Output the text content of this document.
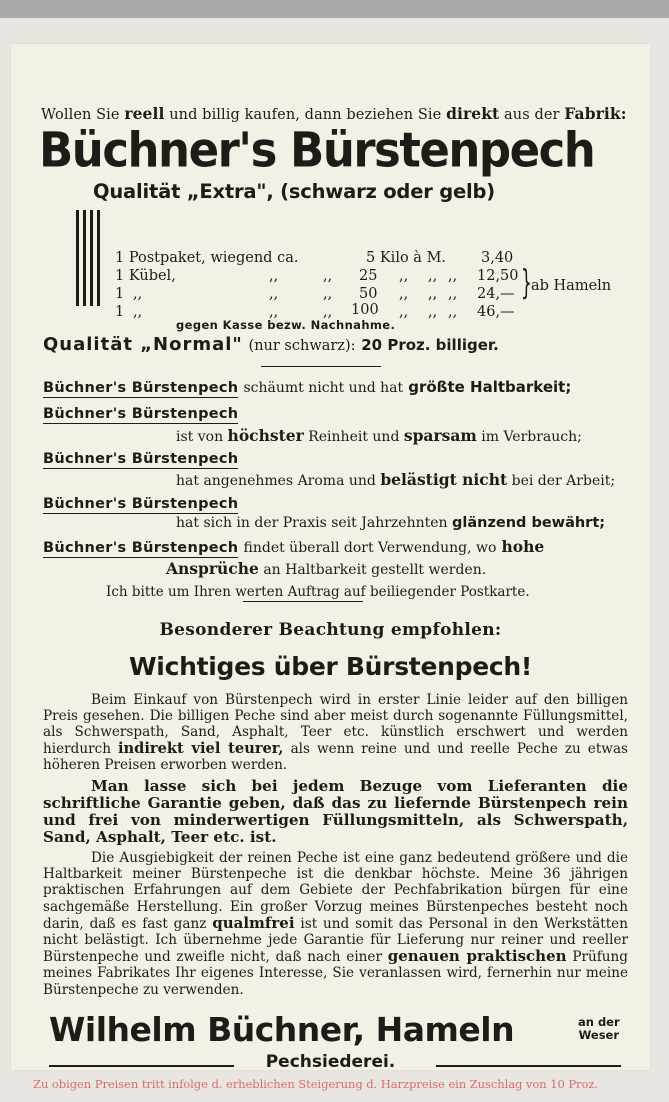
Wollen Sie reell und billig kaufen, dann beziehen Sie direkt aus der Fabrik:
Büchner's Bürstenpech
Qualität „Extra", (schwarz oder gelb)
1 Postpaket, wiegend ca.	5 Kilo à M. 3,40
1 Kübel,	,,	,, 25 ,, ,, ,, 12,50
1 ,,	,,	,, 50 ,, ,, ,, 24,—
1 ,,	,,	,, 100 ,, ,, ,, 46,—
} ab Hameln
gegen Kasse bezw. Nachnahme.
Qualität „Normal" (nur schwarz): 20 Proz. billiger.
Büchner's Bürstenpech schäumt nicht und hat größte Haltbarkeit;
Büchner's Bürstenpech
ist von höchster Reinheit und sparsam im Verbrauch;
Büchner's Bürstenpech
hat angenehmes Aroma und belästigt nicht bei der Arbeit;
Büchner's Bürstenpech
hat sich in der Praxis seit Jahrzehnten glänzend bewährt;
Büchner's Bürstenpech findet überall dort Verwendung, wo hohe
Ansprüche an Haltbarkeit gestellt werden.
Ich bitte um Ihren werten Auftrag auf beiliegender Postkarte.
Besonderer Beachtung empfohlen:
Wichtiges über Bürstenpech!

Beim Einkauf von Bürstenpech wird in erster Linie leider auf den billigen Preis gesehen. Die billigen Peche sind aber meist durch sogenannte Füllungsmittel, als Schwerspath, Sand, Asphalt, Teer etc. künstlich erschwert und werden hierdurch indirekt viel teurer, als wenn reine und und reelle Peche zu etwas höheren Preisen erworben werden.

Man lasse sich bei jedem Bezuge vom Lieferanten die schriftliche Garantie geben, daß das zu liefernde Bürstenpech rein und frei von minderwertigen Füllungsmitteln, als Schwerspath, Sand, Asphalt, Teer etc. ist.

Die Ausgiebigkeit der reinen Peche ist eine ganz bedeutend größere und die Haltbarkeit meiner Bürstenpeche ist die denkbar höchste. Meine 36 jährigen praktischen Erfahrungen auf dem Gebiete der Pechfabrikation bürgen für eine sachgemäße Herstellung. Ein großer Vorzug meines Bürstenpeches besteht noch darin, daß es fast ganz qualmfrei ist und somit das Personal in den Werkstätten nicht belästigt. Ich übernehme jede Garantie für Lieferung nur reiner und reeller Bürstenpeche und zweifle nicht, daß nach einer genauen praktischen Prüfung meines Fabrikates Ihr eigenes Interesse, Sie veranlassen wird, fernerhin nur meine Bürstenpeche zu verwenden.

Wilhelm Büchner, Hameln	an der
Weser
Pechsiederei.
Zu obigen Preisen tritt infolge d. erheblichen Steigerung d. Harzpreise ein Zuschlag von 10 Proz.
